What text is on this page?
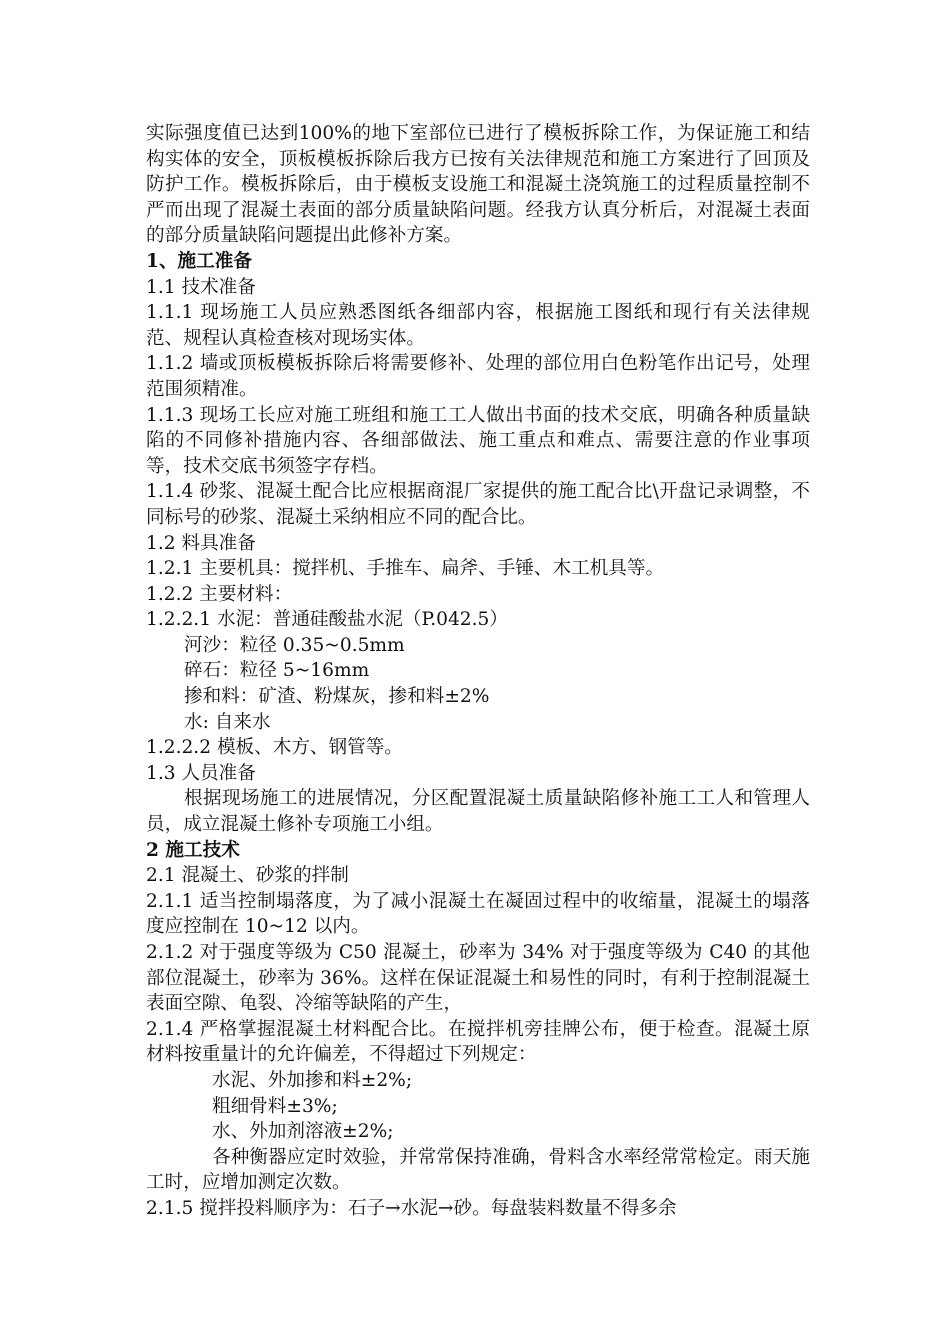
实际强度值已达到100%的地下室部位已进行了模板拆除工作，为保证施工和结构实体的安全，顶板模板拆除后我方已按有关法律规范和施工方案进行了回顶及防护工作。模板拆除后，由于模板支设施工和混凝土浇筑施工的过程质量控制不严而出现了混凝土表面的部分质量缺陷问题。经我方认真分析后，对混凝土表面的部分质量缺陷问题提出此修补方案。

1、施工准备

1.1 技术准备

1.1.1 现场施工人员应熟悉图纸各细部内容，根据施工图纸和现行有关法律规范、规程认真检查核对现场实体。

1.1.2 墙或顶板模板拆除后将需要修补、处理的部位用白色粉笔作出记号，处理范围须精准。

1.1.3 现场工长应对施工班组和施工工人做出书面的技术交底，明确各种质量缺陷的不同修补措施内容、各细部做法、施工重点和难点、需要注意的作业事项等，技术交底书须签字存档。

1.1.4 砂浆、混凝土配合比应根据商混厂家提供的施工配合比\开盘记录调整，不同标号的砂浆、混凝土采纳相应不同的配合比。

1.2 料具准备

1.2.1 主要机具：搅拌机、手推车、扁斧、手锤、木工机具等。

1.2.2 主要材料：

1.2.2.1 水泥：普通硅酸盐水泥（P.042.5）

河沙：粒径 0.35~0.5mm

碎石：粒径 5~16mm

掺和料：矿渣、粉煤灰，掺和料±2%

水: 自来水

1.2.2.2 模板、木方、钢管等。

1.3 人员准备

根据现场施工的进展情况，分区配置混凝土质量缺陷修补施工工人和管理人员，成立混凝土修补专项施工小组。

2 施工技术

2.1 混凝土、砂浆的拌制

2.1.1 适当控制塌落度，为了减小混凝土在凝固过程中的收缩量，混凝土的塌落度应控制在 10~12 以内。

2.1.2 对于强度等级为 C50 混凝土，砂率为 34% 对于强度等级为 C40 的其他部位混凝土，砂率为 36%。这样在保证混凝土和易性的同时，有利于控制混凝土表面空隙、龟裂、冷缩等缺陷的产生，

2.1.4 严格掌握混凝土材料配合比。在搅拌机旁挂牌公布，便于检查。混凝土原材料按重量计的允许偏差，不得超过下列规定：

水泥、外加掺和料±2%;

粗细骨料±3%;

水、外加剂溶液±2%;

各种衡器应定时效验，并常常保持准确，骨料含水率经常常检定。雨天施工时，应增加测定次数。

2.1.5 搅拌投料顺序为：石子→水泥→砂。每盘装料数量不得多余
